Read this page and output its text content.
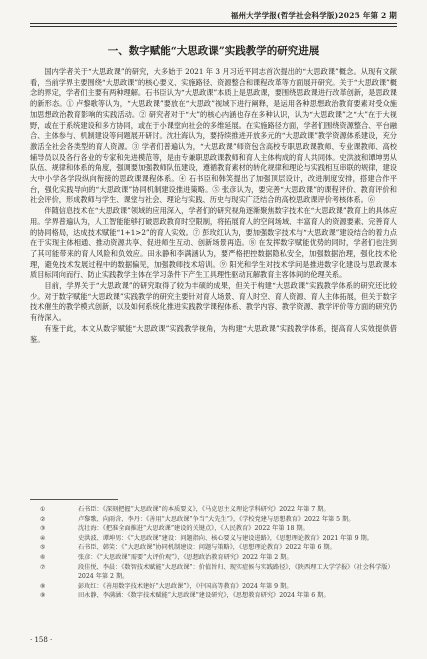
福州大学学报(哲学社会科学版)2025 年第 2 期
一、数字赋能“大思政课”实践教学的研究进展

国内学者关于“大思政课”的研究，大多始于 2021 年 3 月习近平同志首次提出的“大思政课”概念。从现有文献看，当前学界主要围绕“大思政课”的核心要义、实施路径、资源整合和课程改革等方面展开研究。关于“大思政课”概念的界定，学者们主要有两种理解。石书臣认为“大思政课”本质上是思政课，要围绕思政课进行改革创新，是思政课的新形态。① 卢黎歌等认为，“大思政课”要放在“大思政”视域下进行阐释，是运用各种思想政治教育要素对受众施加思想政治教育影响的实践活动。② 研究者对于“大”的核心内涵也存在多种认识，认为“大思政课”之“大”在于大视野，或在于系统建设和多方协同，或在于小课堂向社会的多维延展。在实施路径方面，学者们围绕资源整合、平台融合、主体参与、机制建设等问题展开研讨。沈壮海认为，要持续推进开放多元的“大思政课”教学资源体系建设，充分激活全社会各类型的育人资源。③ 学者们普遍认为，“大思政课”师资包含高校专职思政课教师、专业课教师、高校辅导员以及各行各业的专家和先进模范等，是由专兼职思政课教师和育人主体构成的育人共同体。史洪波和谭坤男从队伍、规律和体系的角度，强调要加强教师队伍建设，遵循教育素材的转化规律和理论与实践相互串联的规律，建设大中小学各学段纵向衔接的思政课课程体系。④ 石书臣和韩笑提出了加强顶层设计，改进制度安排，搭建合作平台，强化实践导向的“大思政课”协同机制建设推进策略。⑤ 张彦认为，要完善“大思政课”的课程评价、教育评价和社会评价，形成教师与学生、课堂与社会、理论与实践、历史与现实广泛结合的高校思政课评价考核体系。⑥

伴随信息技术在“大思政课”领域的应用深入，学者们的研究视角逐渐聚焦数字技术在“大思政课”教育上的具体应用。学界普遍认为，人工智能能够打破思政教育时空限制，将拓展育人的空间场域、丰富育人的资源要素、完善育人的协同格局，达成技术赋能“1+1>2”的育人实效。⑦ 彭玫红认为，要加强数字技术与“大思政课”建设结合的着力点在于实现主体相通、推动资源共享、促进师生互动、创新场景再造。⑧ 在发挥数字赋能优势的同时，学者们也注到了其可能带来的育人风险和负效应。田永静和李满涵认为，要严格把控数据隐私安全，加强数据治理，强化技术伦理，避免技术发展过程中的数据偏见，加强教师技术培训。⑨ 阳光和学生对技术学问是推进数字化建设与思政课本质目标同向而行、防止实践教学主体在学习条件下产生工具理性驱动瓦解教育主客体间的伦理关系。

目前，学界关于“大思政课”的研究取得了较为丰硕的成果，但关于构建“大思政课”实践教学体系的研究还比较少。对于数字赋能“大思政课”实践教学的研究主要针对育人场景、育人时空、育人资源、育人主体拓展，但关于数字技术催生的教学模式创新，以及如何系统化推进实践教学课程体系、教学内容、教学资源、教学评价等方面的研究仍有待深入。

有鉴于此，本文从数字赋能“大思政课”实践教学视角，为构建“大思政课”实践教学体系，提高育人实效提供借鉴。

①	石书臣：《深刻把握“大思政课”的本质要义》，《马克思主义理论学科研究》2022 年第 7 期。
②	卢黎歌、向雨含、李丹：《善用“大思政课”争当“大先生”》，《学校党建与思想教育》2022 年第 5 期。
③	沈壮海：《把准全面推进“大思政课”建设的关键点》，《人民教育》2022 年第 18 期。
④	史洪波、谭坤男：《“大思政课”建设：问题指向、核心要义与建设进路》，《思想理论教育》2021 年第 9 期。
⑤	石书臣、韩笑：《“大思政课”协同机制建设：问题与策略》，《思想理论教育》2022 年第 6 期。
⑥	张彦：《“大思政课”需要“大评价观”》，《思想政治教育研究》2022 年第 2 期。
⑦	段佳悦、李晨：《数智技术赋能“大思政课”：价值旨归、现实症候与实践路径》，《陕西理工大学学报》（社会科学版）2024 年第 2 期。
⑧	彭玫红：《善用数字技术建好“大思政课”》，《中国高等教育》2024 年第 9 期。
⑨	田永静、李满涵：《数字技术赋能“大思政课”建设研究》，《思想教育研究》2024 年第 6 期。
· 158 ·
